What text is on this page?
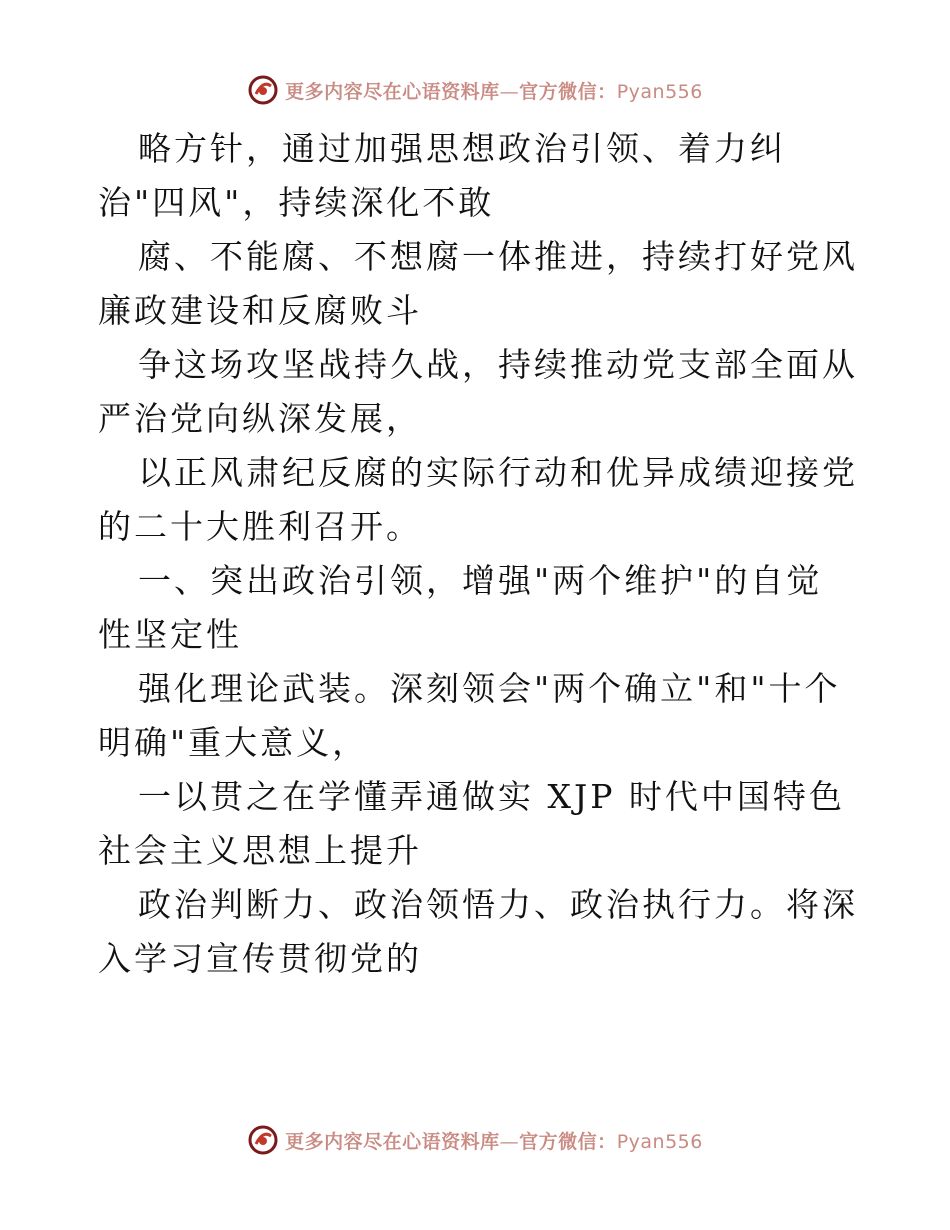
更多内容尽在心语资料库—官方微信：Pyan556

略方针，通过加强思想政治引领、着力纠治"四风"，持续深化不敢

腐、不能腐、不想腐一体推进，持续打好党风廉政建设和反腐败斗

争这场攻坚战持久战，持续推动党支部全面从严治党向纵深发展，

以正风肃纪反腐的实际行动和优异成绩迎接党的二十大胜利召开。

一、突出政治引领，增强"两个维护"的自觉性坚定性

强化理论武装。深刻领会"两个确立"和"十个明确"重大意义，

一以贯之在学懂弄通做实 XJP 时代中国特色社会主义思想上提升

政治判断力、政治领悟力、政治执行力。将深入学习宣传贯彻党的

更多内容尽在心语资料库—官方微信：Pyan556
